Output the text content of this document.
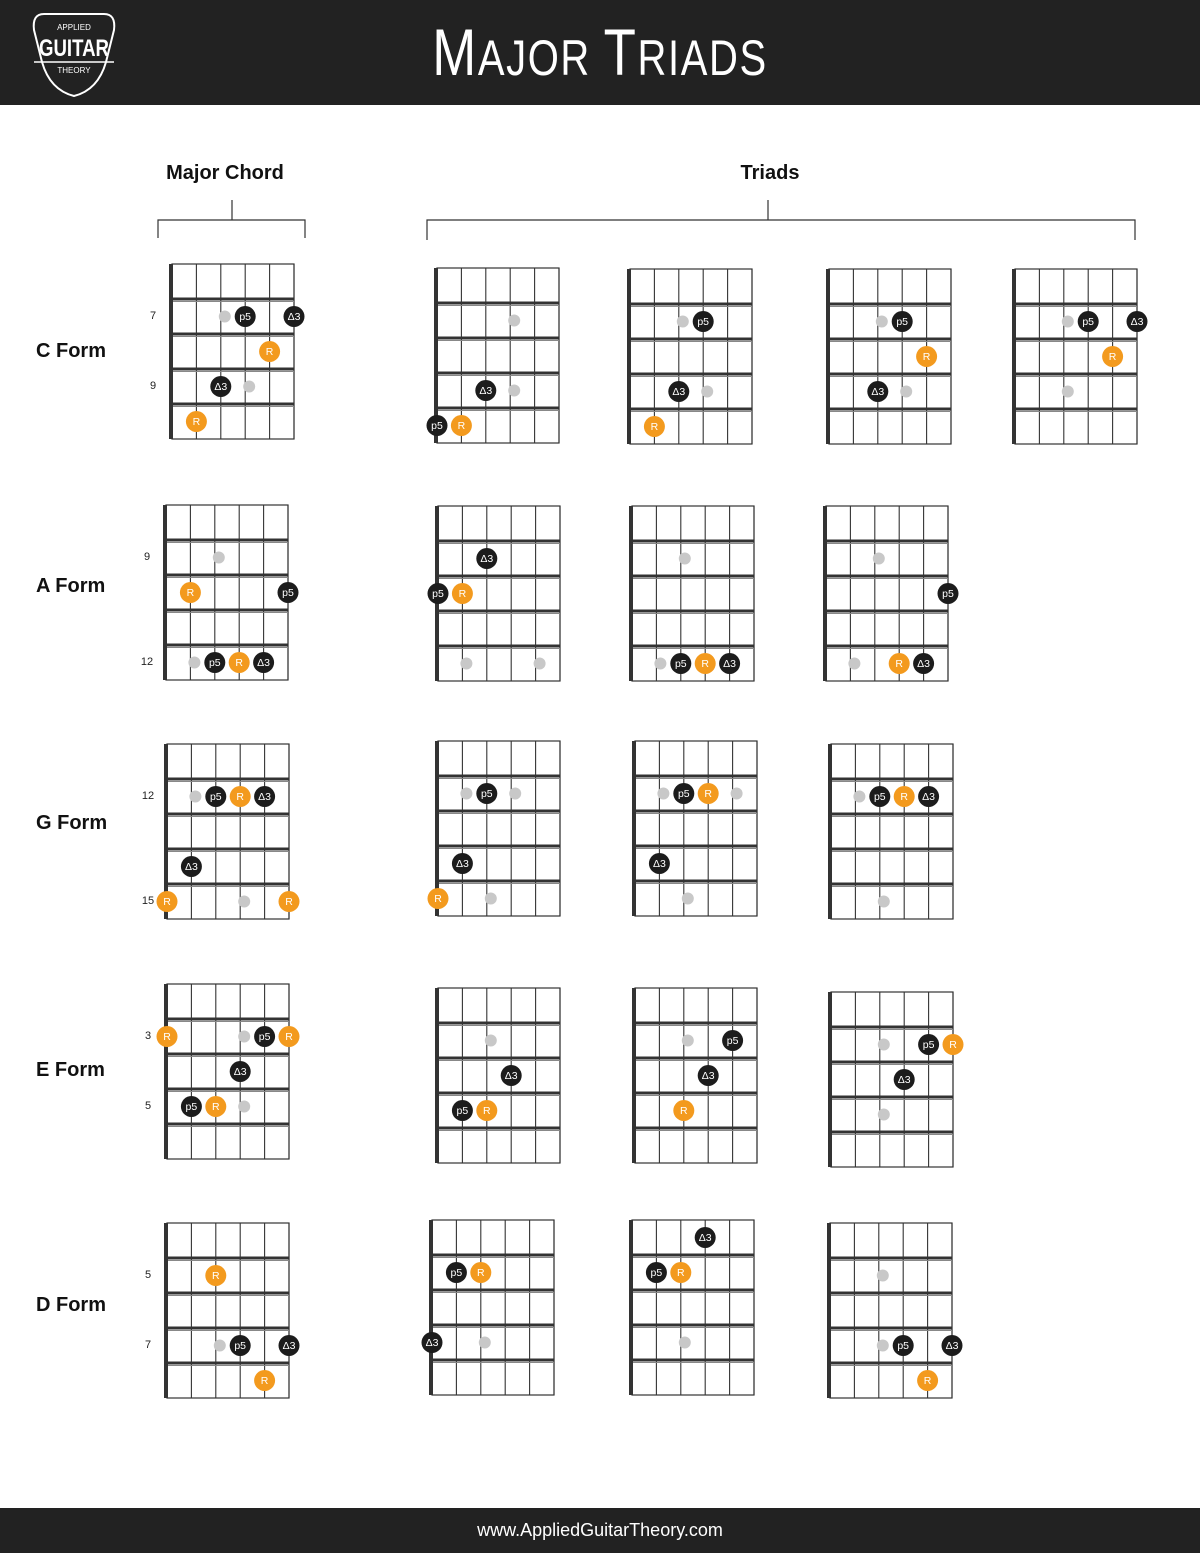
APPLIED
GUITAR
THEORY	MAJOR TRIADS
Major Chord	Triads
C Form
A Form
G Form
E Form
D Form
p5	Δ3
R
Δ3
R
Δ3
p5 R
p5
Δ3
R
p5
R
Δ3
p5	Δ3
R
R	p5
p5 R Δ3
Δ3
p5 R
p5 R Δ3
p5
R Δ3
p5 R Δ3
Δ3
R	R
p5
Δ3
R
p5 R
Δ3
p5 R Δ3
R	p5 R
Δ3
p5 R
Δ3
p5 R
p5
Δ3
R
p5 R
Δ3
R
p5	Δ3
R
p5 R
Δ3
Δ3
p5 R
p5	Δ3
R
7
9
9
12
12
15
3
5
5
7
www.AppliedGuitarTheory.com
